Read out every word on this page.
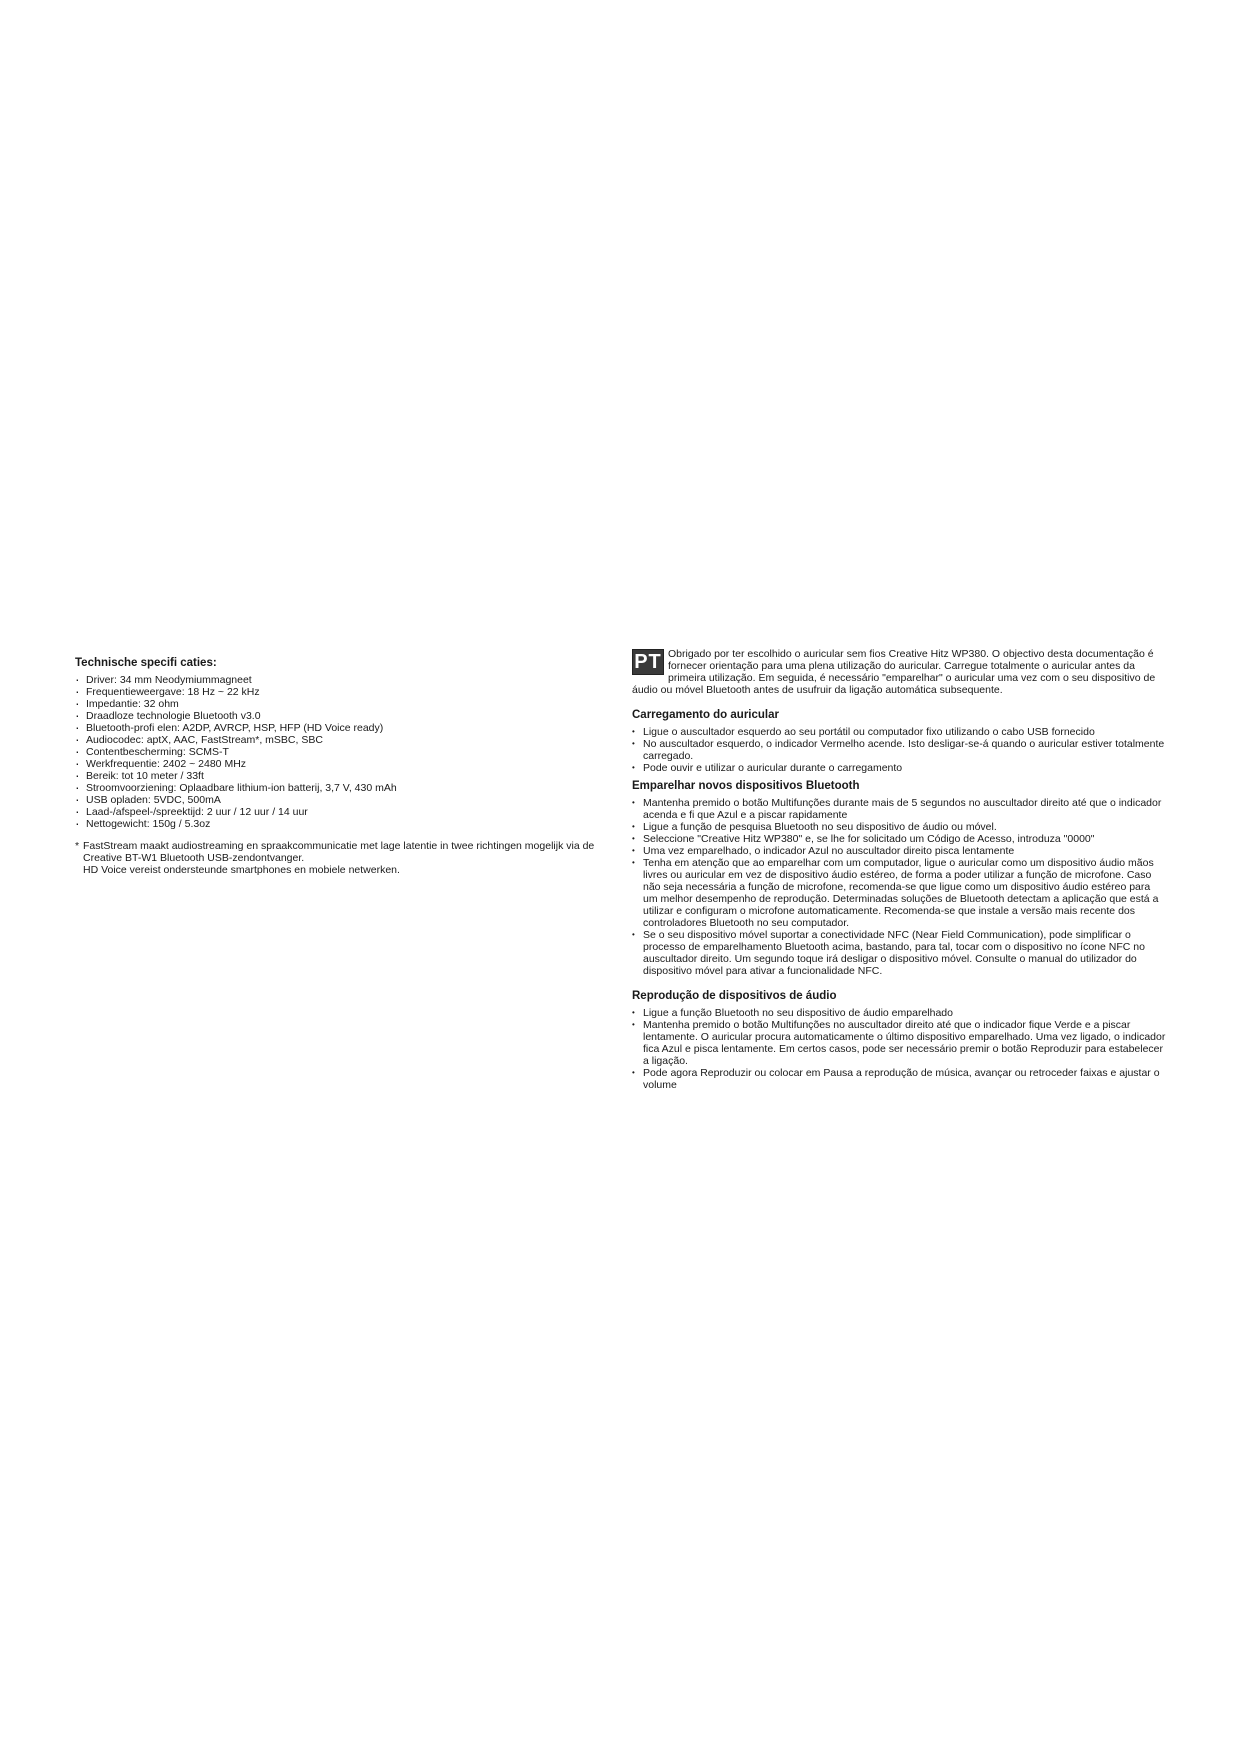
Technische specifi caties:
· Driver: 34 mm Neodymiummagneet
· Frequentieweergave: 18 Hz ~ 22 kHz
· Impedantie: 32 ohm
· Draadloze technologie Bluetooth v3.0
· Bluetooth-profi elen: A2DP, AVRCP, HSP, HFP (HD Voice ready)
· Audiocodec: aptX, AAC, FastStream*, mSBC, SBC
· Contentbescherming: SCMS-T
· Werkfrequentie: 2402 ~ 2480 MHz
· Bereik: tot 10 meter / 33ft
· Stroomvoorziening: Oplaadbare lithium-ion batterij, 3,7 V, 430 mAh
· USB opladen: 5VDC, 500mA
· Laad-/afspeel-/spreektijd: 2 uur / 12 uur / 14 uur
· Nettogewicht: 150g / 5.3oz
* FastStream maakt audiostreaming en spraakcommunicatie met lage latentie in twee richtingen mogelijk via de Creative BT-W1 Bluetooth USB-zendontvanger.

HD Voice vereist ondersteunde smartphones en mobiele netwerken.

PT Obrigado por ter escolhido o auricular sem fios Creative Hitz WP380. O objectivo desta documentação é fornecer orientação para uma plena utilização do auricular. Carregue totalmente o auricular antes da primeira utilização. Em seguida, é necessário "emparelhar" o auricular uma vez com o seu dispositivo de áudio ou móvel Bluetooth antes de usufruir da ligação automática subsequente.
Carregamento do auricular
• Ligue o auscultador esquerdo ao seu portátil ou computador fixo utilizando o cabo USB fornecido
• No auscultador esquerdo, o indicador Vermelho acende. Isto desligar-se-á quando o auricular estiver totalmente carregado.
• Pode ouvir e utilizar o auricular durante o carregamento
Emparelhar novos dispositivos Bluetooth
• Mantenha premido o botão Multifunções durante mais de 5 segundos no auscultador direito até que o indicador acenda e fi que Azul e a piscar rapidamente
• Ligue a função de pesquisa Bluetooth no seu dispositivo de áudio ou móvel.
• Seleccione "Creative Hitz WP380" e, se lhe for solicitado um Código de Acesso, introduza "0000"
• Uma vez emparelhado, o indicador Azul no auscultador direito pisca lentamente
• Tenha em atenção que ao emparelhar com um computador, ligue o auricular como um dispositivo áudio mãos livres ou auricular em vez de dispositivo áudio estéreo, de forma a poder utilizar a função de microfone. Caso não seja necessária a função de microfone, recomenda-se que ligue como um dispositivo áudio estéreo para um melhor desempenho de reprodução. Determinadas soluções de Bluetooth detectam a aplicação que está a utilizar e configuram o microfone automaticamente. Recomenda-se que instale a versão mais recente dos controladores Bluetooth no seu computador.
• Se o seu dispositivo móvel suportar a conectividade NFC (Near Field Communication), pode simplificar o processo de emparelhamento Bluetooth acima, bastando, para tal, tocar com o dispositivo no ícone NFC no auscultador direito. Um segundo toque irá desligar o dispositivo móvel. Consulte o manual do utilizador do dispositivo móvel para ativar a funcionalidade NFC.
Reprodução de dispositivos de áudio
• Ligue a função Bluetooth no seu dispositivo de áudio emparelhado
• Mantenha premido o botão Multifunções no auscultador direito até que o indicador fique Verde e a piscar lentamente. O auricular procura automaticamente o último dispositivo emparelhado. Uma vez ligado, o indicador fica Azul e pisca lentamente. Em certos casos, pode ser necessário premir o botão Reproduzir para estabelecer a ligação.
• Pode agora Reproduzir ou colocar em Pausa a reprodução de música, avançar ou retroceder faixas e ajustar o volume
